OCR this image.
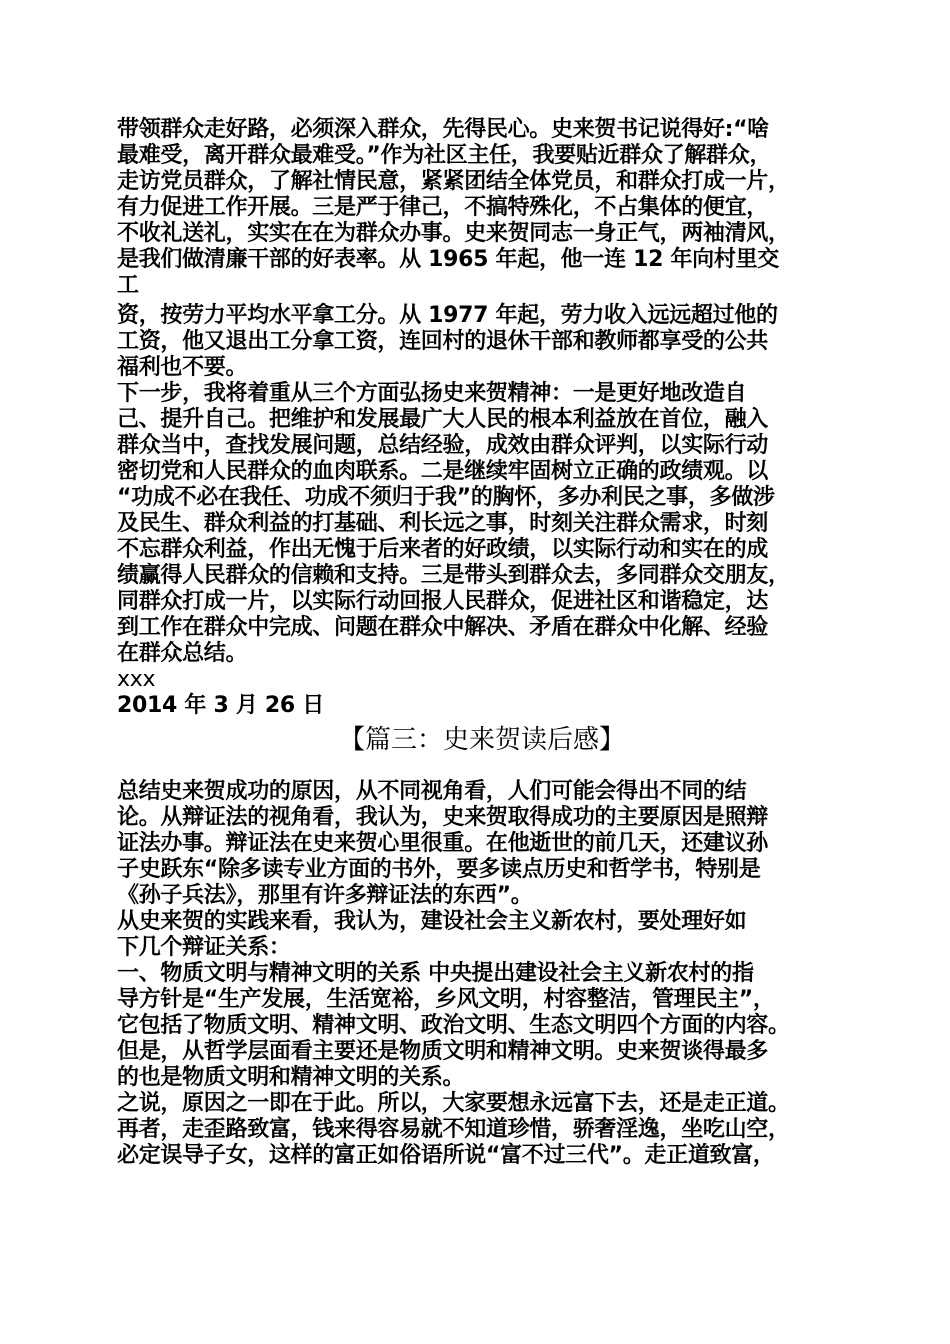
带领群众走好路，必须深入群众，先得民心。史来贺书记说得好:“啥
最难受，离开群众最难受。”作为社区主任，我要贴近群众了解群众，
走访党员群众，了解社情民意，紧紧团结全体党员，和群众打成一片，
有力促进工作开展。三是严于律己，不搞特殊化，不占集体的便宜，
不收礼送礼，实实在在为群众办事。史来贺同志一身正气，两袖清风，
是我们做清廉干部的好表率。从 1965 年起，他一连 12 年向村里交
工
资，按劳力平均水平拿工分。从 1977 年起，劳力收入远远超过他的
工资，他又退出工分拿工资，连回村的退休干部和教师都享受的公共
福利也不要。
下一步，我将着重从三个方面弘扬史来贺精神：一是更好地改造自
己、提升自己。把维护和发展最广大人民的根本利益放在首位，融入
群众当中，查找发展问题，总结经验，成效由群众评判，以实际行动
密切党和人民群众的血肉联系。二是继续牢固树立正确的政绩观。以
“功成不必在我任、功成不须归于我”的胸怀，多办利民之事，多做涉
及民生、群众利益的打基础、利长远之事，时刻关注群众需求，时刻
不忘群众利益，作出无愧于后来者的好政绩，以实际行动和实在的成
绩赢得人民群众的信赖和支持。三是带头到群众去，多同群众交朋友，
同群众打成一片，以实际行动回报人民群众，促进社区和谐稳定，达
到工作在群众中完成、问题在群众中解决、矛盾在群众中化解、经验
在群众总结。
xxx
2014 年 3 月 26 日
【篇三：史来贺读后感】
总结史来贺成功的原因，从不同视角看，人们可能会得出不同的结
论。从辩证法的视角看，我认为，史来贺取得成功的主要原因是照辩
证法办事。辩证法在史来贺心里很重。在他逝世的前几天，还建议孙
子史跃东“除多读专业方面的书外，要多读点历史和哲学书，特别是
《孙子兵法》，那里有许多辩证法的东西”。
从史来贺的实践来看，我认为，建设社会主义新农村，要处理好如
下几个辩证关系：
一、物质文明与精神文明的关系 中央提出建设社会主义新农村的指
导方针是“生产发展，生活宽裕，乡风文明，村容整洁，管理民主”，
它包括了物质文明、精神文明、政治文明、生态文明四个方面的内容。
但是，从哲学层面看主要还是物质文明和精神文明。史来贺谈得最多
的也是物质文明和精神文明的关系。
之说，原因之一即在于此。所以，大家要想永远富下去，还是走正道。
再者，走歪路致富，钱来得容易就不知道珍惜，骄奢淫逸，坐吃山空，
必定误导子女，这样的富正如俗语所说“富不过三代”。走正道致富，
